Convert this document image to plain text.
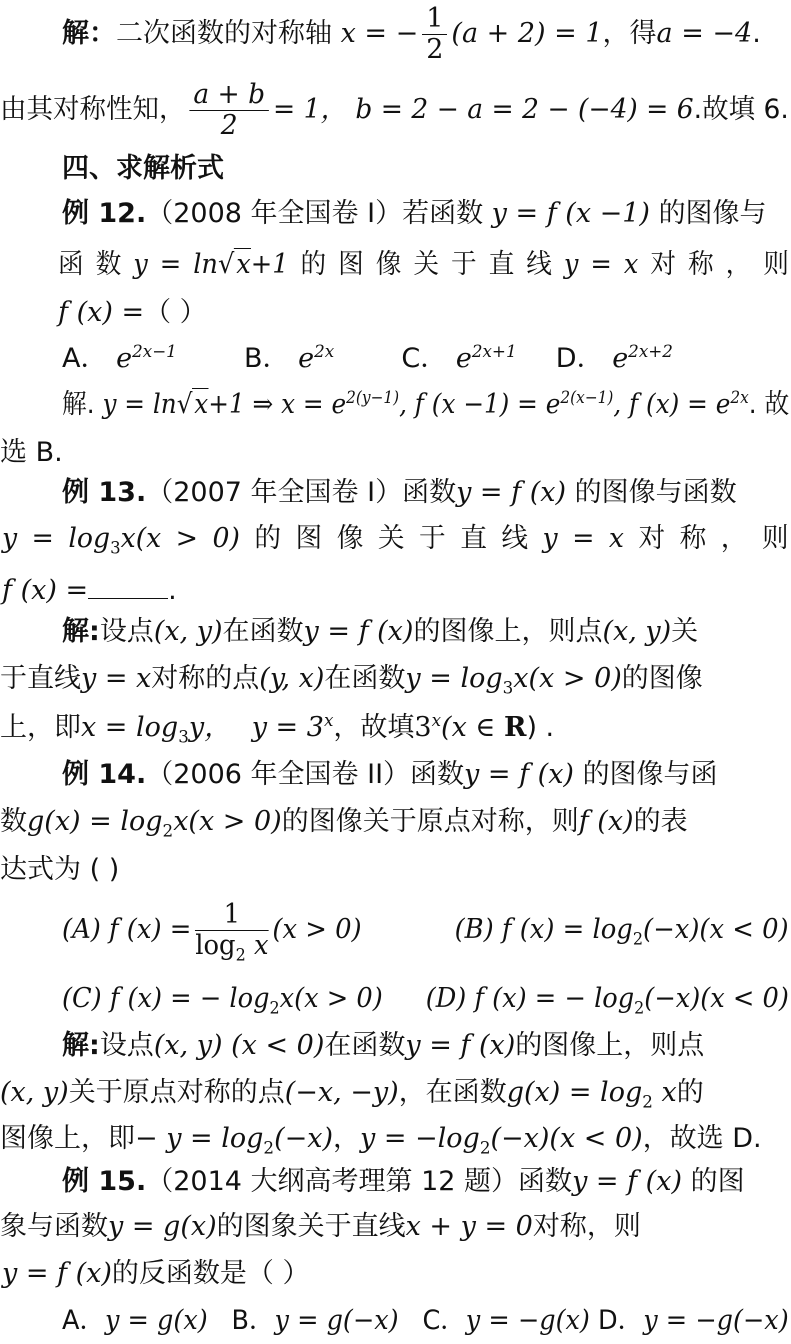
解：二次函数的对称轴 x = − $\frac{1}{2} (a + 2) = 1$，得a = −4.
由其对称性知， $\frac{a + b}{2} = 1$， b = 2 − a = 2 − (−4) = 6.故填 6.
四、求解析式
例 12.（2008 年全国卷 I）若函数 y = f (x −1) 的图像与
函 数 y = ln√x+1 的 图 像 关 于 直 线 y = x 对 称 ， 则
f (x) =（ ）
A． $e^{2x-1}$ B． $e^{2x}$ C． $e^{2x+1}$ D． $e^{2x+2}$
解. y = ln√x+1 ⇒ $x = e^{2(y-1)}$, f $(x -1) = e^{2(x-1)}$, f $(x) = e^{2x}$. 故
选 B.
例 13.（2007 年全国卷 I）函数y = f (x) 的图像与函数
$y = \log_3x(x > 0)$ 的 图 像 关 于 直 线 y = x 对 称 ， 则
f (x) =	.
解:设点(x, y)在函数y = f (x)的图像上，则点(x, y)关
于直线y = x对称的点(y, x)在函数$y = \log_3x(x > 0)$的图像
上，即$x = \log_3y$， $y = 3^x$，故填3$^x$(x ∈ R) .
例 14.（2006 年全国卷 II）函数y = f (x) 的图像与函
数$g(x) = \log_2x(x > 0)$的图像关于原点对称，则f (x)的表
达式为 ( )
(A) f $(x) = \frac{1}{\log_2 x} (x > 0)$	(B) f $(x) = \log_2(-x)(x < 0)$
(C) f (x) = − $\log_2x(x > 0)$ (D) f (x) = − $\log_2(-x)(x < 0)$
解:设点(x, y) (x < 0)在函数y = f (x)的图像上，则点
(x, y)关于原点对称的点(−x, −y)，在函数$g(x) = \log_2 x$的
图像上，即− $y = \log_2(-x)$，$y = -\log_2(-x)(x < 0)$，故选 D.
例 15.（2014 大纲高考理第 12 题）函数y = f (x) 的图
象与函数y = g(x)的图象关于直线x + y = 0对称，则
y = f (x)的反函数是（ ）
A．y = g(x) B．y = g(−x) C．y = −g(x) D．y = −g(−x)
